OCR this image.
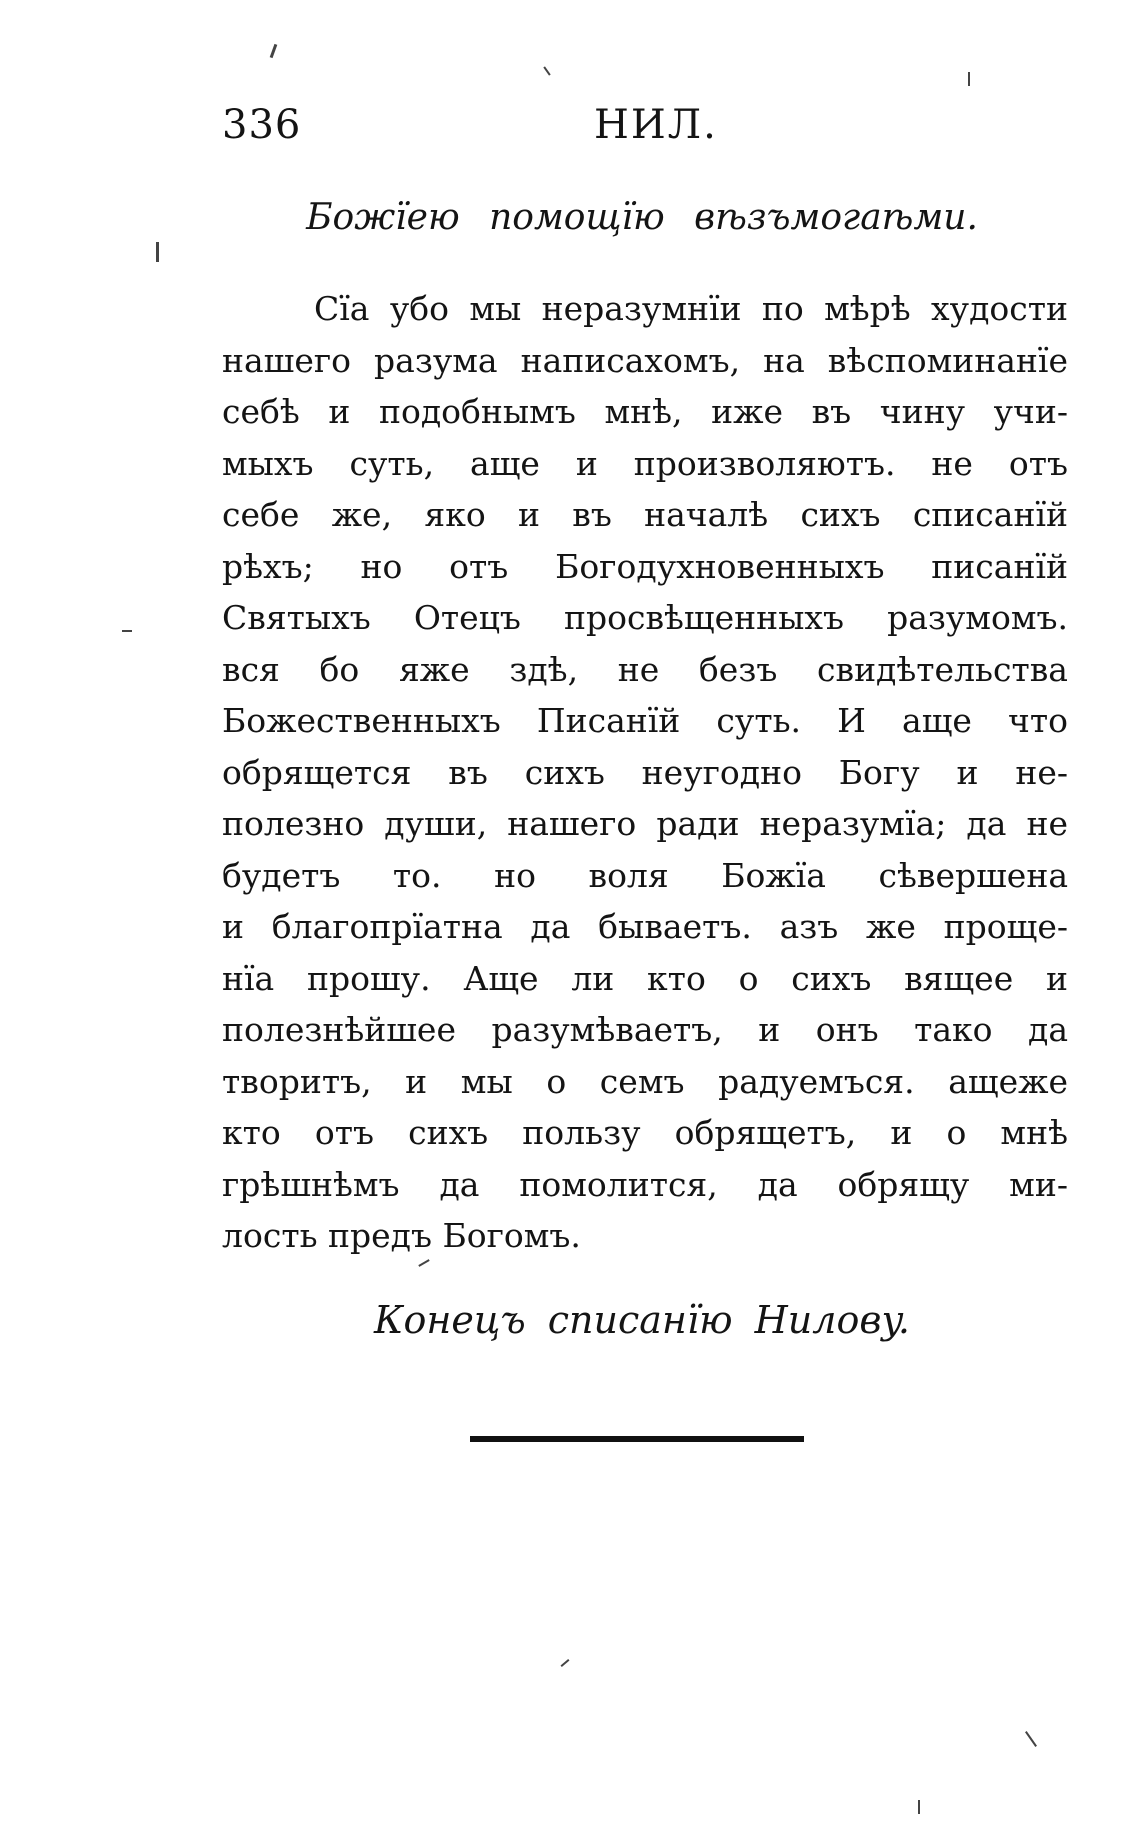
336	НИЛ.
Божїею помощїю вѣзъмогаѣми.
Сїа убо мы неразумнїи по мѣрѣ худости
нашего разума написахомъ, на вѣспоминанїе
себѣ и подобнымъ мнѣ, иже въ чину учи-
мыхъ суть, аще и произволяютъ. не отъ
себе же, яко и въ началѣ сихъ списанїй
рѣхъ; но отъ Богодухновенныхъ писанїй
Святыхъ Отецъ просвѣщенныхъ разумомъ.
вся бо яже здѣ, не безъ свидѣтельства
Божественныхъ Писанїй суть. И аще что
обрящется въ сихъ неугодно Богу и не-
полезно души, нашего ради неразумїа; да не
будетъ то. но воля Божїа сѣвершена
и благопрїатна да бываетъ. азъ же проще-
нїа прошу. Аще ли кто о сихъ вящее и
полезнѣйшее разумѣваетъ, и онъ тако да
творитъ, и мы о семъ радуемъся. ащеже
кто отъ сихъ пользу обрящетъ, и о мнѣ
грѣшнѣмъ да помолится, да обрящу ми-
лость предъ Богомъ.
Конецъ списанїю Ниловy.
